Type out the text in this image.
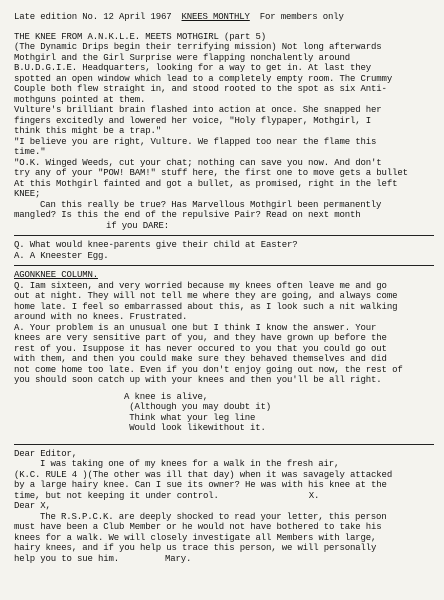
Late edition No. 12 April 1967 KNEES MONTHLY For members only
THE KNEE FROM A.N.K.L.E. MEETS MOTHGIRL (part 5)
(The Dynamic Drips begin their terrifying mission) Not long afterwards
Mothgirl and the Girl Surprise were flapping nonchalently around
B.U.D.G.I.E. Headquarters, looking for a way to get in. At last they
spotted an open window which lead to a completely empty room. The Crummy
Couple both flew straight in, and stood rooted to the spot as six Anti-
mothguns pointed at them.
Vulture's brilliant brain flashed into action at once. She snapped her
fingers excitedly and lowered her voice, "Holy flypaper, Mothgirl, I
think this might be a trap."
"I believe you are right, Vulture. We flapped too near the flame this
time."
"O.K. Winged Weeds, cut your chat; nothing can save you now. And don't
try any of your "POW! BAM!" stuff here, the first one to move gets a bullet
At this Mothgirl fainted and got a bullet, as promised, right in the left
KNEE;
Can this really be true? Has Marvellous Mothgirl been permanently
mangled? Is this the end of the repulsive Pair? Read on next month
if you DARE:
Q. What would knee-parents give their child at Easter?
A. A Kneester Egg.
AGONKNEE COLUMN.
Q. Iam sixteen, and very worried because my knees often leave me and go
out at night. They will not tell me where they are going, and always come
home late. I feel so embarrassed about this, as I look such a nit walking
around with no knees. Frustrated.
A. Your problem is an unusual one but I think I know the answer. Your
knees are very sensitive part of you, and they have grown up before the
rest of you. Isuppose it has never occured to you that you could go out
with them, and then you could make sure they behaved themselves and did
not come home too late. Even if you don't enjoy going out now, the rest of
you should soon catch up with your knees and then you'll be all right.
A knee is alive,
(Although you may doubt it)
Think what your leg line
Would look likewithout it.
Dear Editor,
I was taking one of my knees for a walk in the fresh air,
(K.C. RULE 4 )(The other was ill that day) when it was savagely attacked
by a large hairy knee. Can I sue its owner? He was with his knee at the
time, but not keeping it under control.	X.
Dear X,
The R.S.P.C.K. are deeply shocked to read your letter, this person
must have been a Club Member or he would not have bothered to take his
knees for a walk. We will closely investigate all Members with large,
hairy knees, and if you help us trace this person, we will personally
help you to sue him.	Mary.
